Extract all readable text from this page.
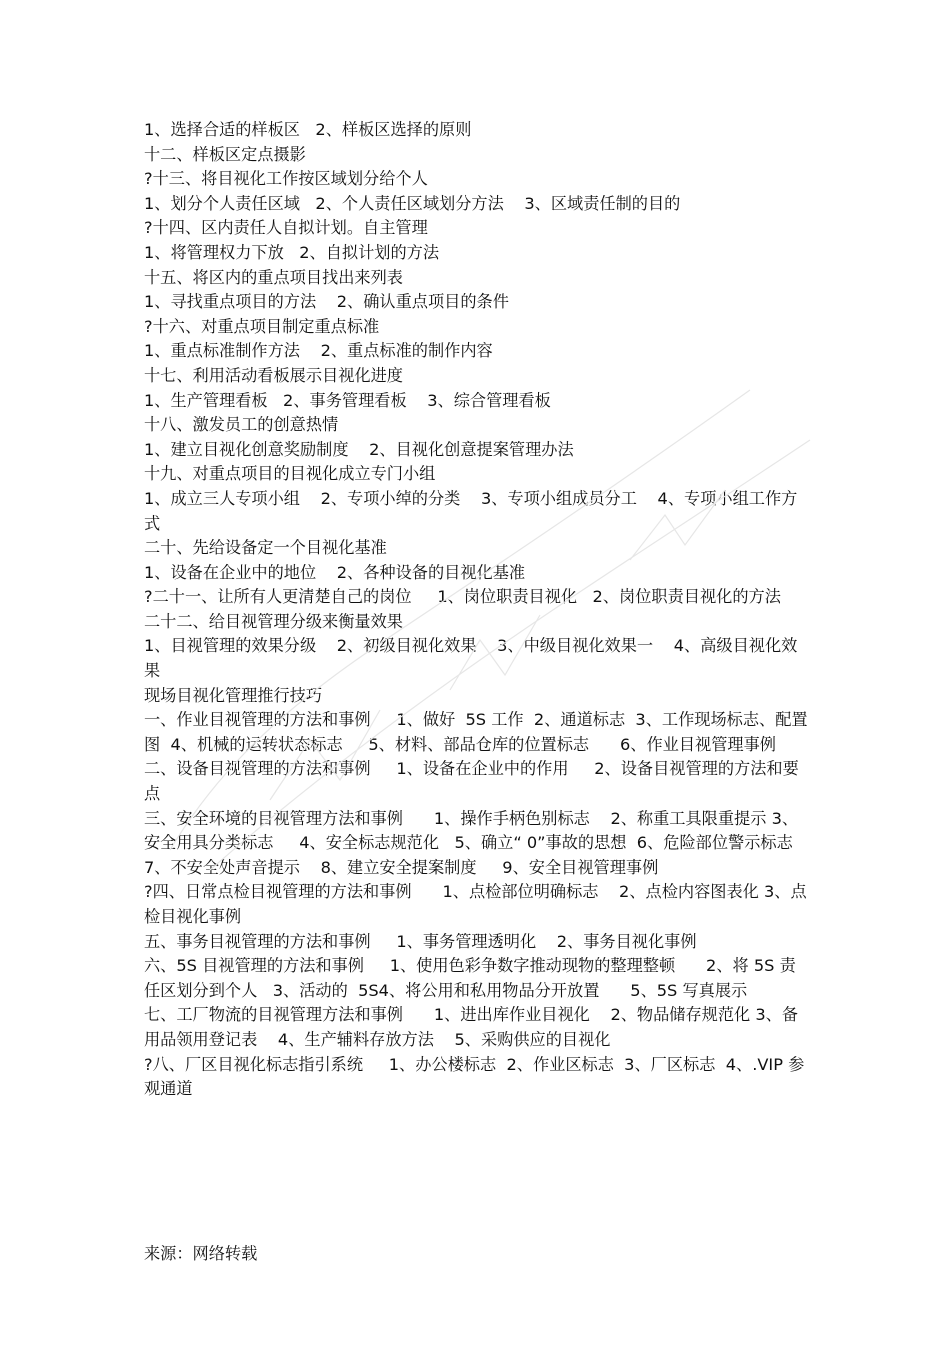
1、选择合适的样板区   2、样板区选择的原则

十二、样板区定点摄影

?十三、将目视化工作按区域划分给个人

1、划分个人责任区域   2、个人责任区域划分方法    3、区域责任制的目的

?十四、区内责任人自拟计划。自主管理

1、将管理权力下放   2、自拟计划的方法

十五、将区内的重点项目找出来列表

1、寻找重点项目的方法    2、确认重点项目的条件

?十六、对重点项目制定重点标准

1、重点标准制作方法    2、重点标准的制作内容

十七、利用活动看板展示目视化进度

1、生产管理看板   2、事务管理看板    3、综合管理看板

十八、激发员工的创意热情

1、建立目视化创意奖励制度    2、目视化创意提案管理办法

十九、对重点项目的目视化成立专门小组

1、成立三人专项小组    2、专项小绰的分类    3、专项小组成员分工    4、专项小组工作方式

二十、先给设备定一个目视化基准

1、设备在企业中的地位    2、各种设备的目视化基准

?二十一、让所有人更清楚自己的岗位     1、岗位职责目视化   2、岗位职责目视化的方法

二十二、给目视管理分级来衡量效果

1、目视管理的效果分级    2、初级目视化效果    3、中级目视化效果一    4、高级目视化效果

现场目视化管理推行技巧

一、作业目视管理的方法和事例     1、做好  5S 工作  2、通道标志  3、工作现场标志、配置图  4、机械的运转状态标志     5、材料、部品仓库的位置标志      6、作业目视管理事例

二、设备目视管理的方法和事例     1、设备在企业中的作用     2、设备目视管理的方法和要点

三、安全环境的目视管理方法和事例      1、操作手柄色别标志    2、称重工具限重提示 3、安全用具分类标志     4、安全标志规范化   5、确立“ 0”事故的思想  6、危险部位警示标志  7、不安全处声音提示    8、建立安全提案制度     9、安全目视管理事例

?四、日常点检目视管理的方法和事例      1、点检部位明确标志    2、点检内容图表化 3、点检目视化事例

五、事务目视管理的方法和事例     1、事务管理透明化    2、事务目视化事例

六、5S 目视管理的方法和事例     1、使用色彩争数字推动现物的整理整顿      2、将 5S 责任区划分到个人   3、活动的  5S4、将公用和私用物品分开放置      5、5S 写真展示

七、工厂物流的目视管理方法和事例      1、进出库作业目视化    2、物品储存规范化 3、备用品领用登记表    4、生产辅料存放方法    5、采购供应的目视化

?八、厂区目视化标志指引系统     1、办公楼标志  2、作业区标志  3、厂区标志  4、.VIP 参观通道

来源：网络转载
